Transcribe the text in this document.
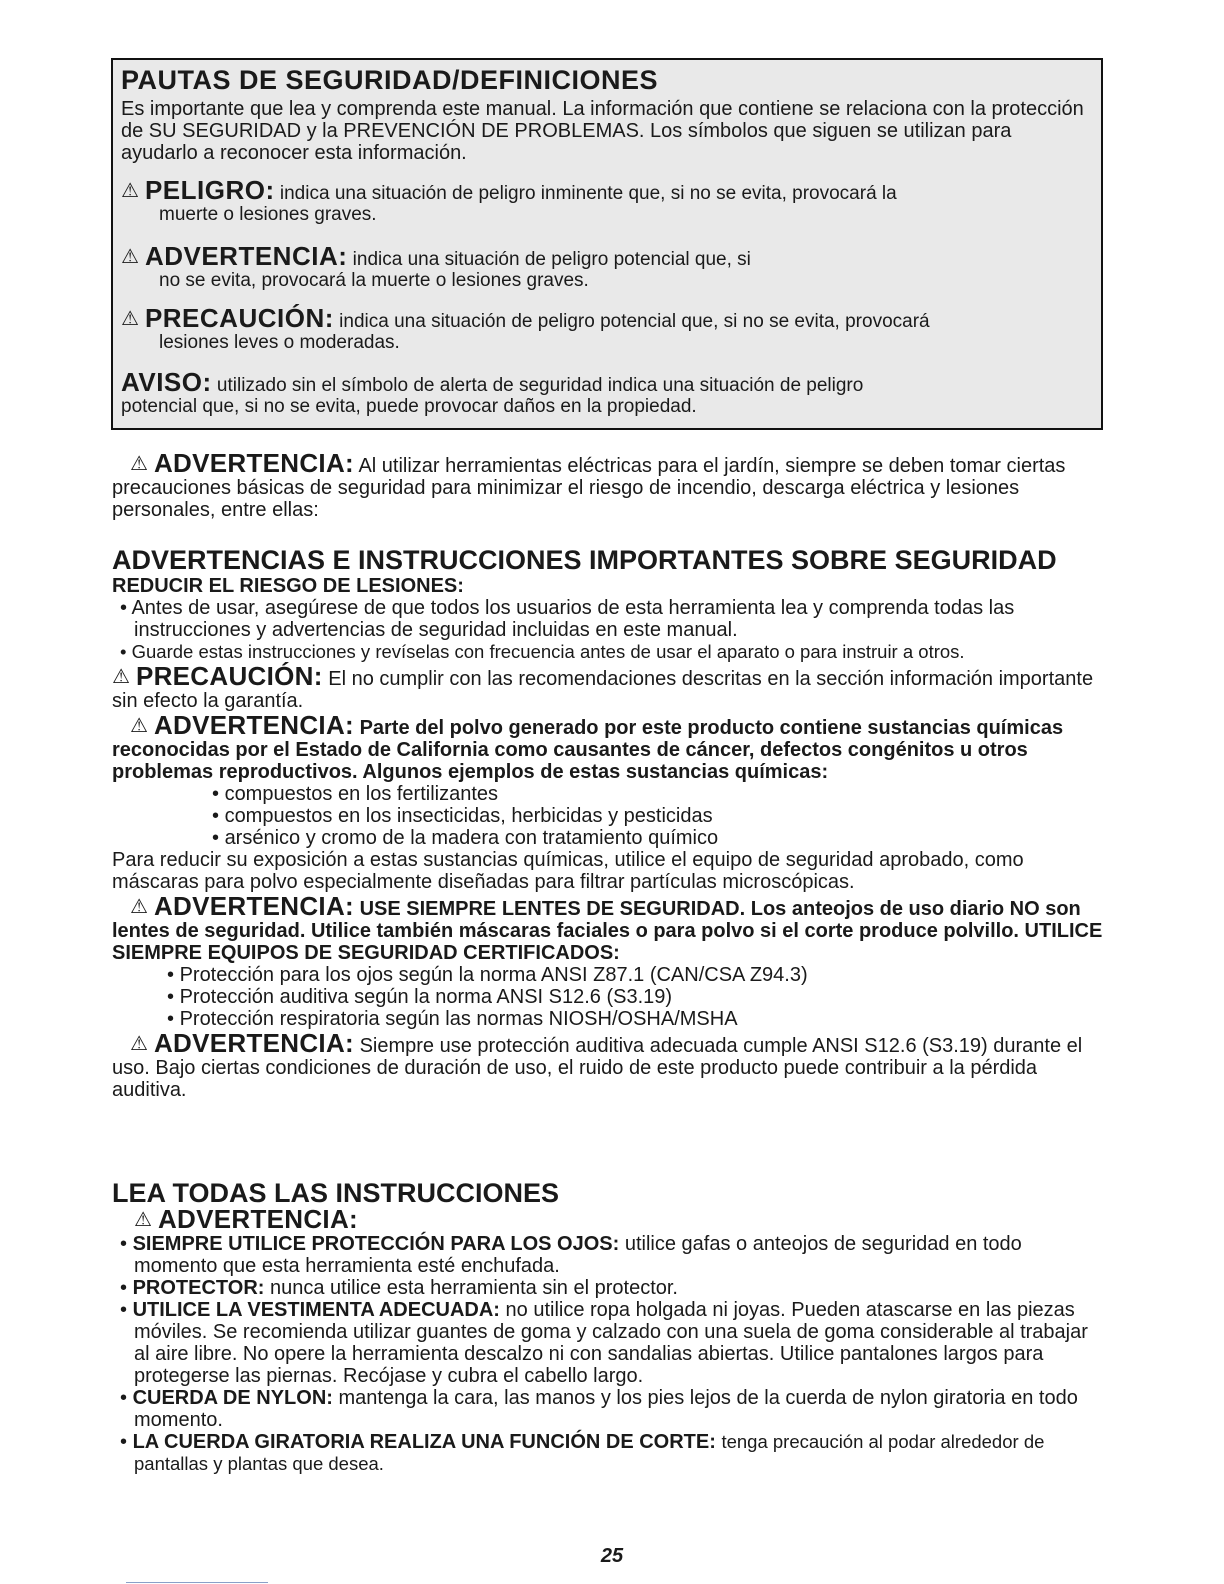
PAUTAS DE SEGURIDAD/DEFINICIONES
Es importante que lea y comprenda este manual. La información que contiene se relaciona con la protección de SU SEGURIDAD y la PREVENCIÓN DE PROBLEMAS. Los símbolos que siguen se utilizan para ayudarlo a reconocer esta información.
⚠ PELIGRO: indica una situación de peligro inminente que, si no se evita, provocará la
muerte o lesiones graves.
⚠ ADVERTENCIA: indica una situación de peligro potencial que, si
no se evita, provocará la muerte o lesiones graves.
⚠ PRECAUCIÓN: indica una situación de peligro potencial que, si no se evita, provocará
lesiones leves o moderadas.
AVISO: utilizado sin el símbolo de alerta de seguridad indica una situación de peligro
potencial que, si no se evita, puede provocar daños en la propiedad.
⚠ ADVERTENCIA: Al utilizar herramientas eléctricas para el jardín, siempre se deben tomar ciertas precauciones básicas de seguridad para minimizar el riesgo de incendio, descarga eléctrica y lesiones personales, entre ellas:
ADVERTENCIAS E INSTRUCCIONES IMPORTANTES SOBRE SEGURIDAD
REDUCIR EL RIESGO DE LESIONES:
• Antes de usar, asegúrese de que todos los usuarios de esta herramienta lea y comprenda todas las instrucciones y advertencias de seguridad incluidas en este manual.
• Guarde estas instrucciones y revíselas con frecuencia antes de usar el aparato o para instruir a otros.
⚠ PRECAUCIÓN: El no cumplir con las recomendaciones descritas en la sección información importante sin efecto la garantía.
⚠ ADVERTENCIA: Parte del polvo generado por este producto contiene sustancias químicas reconocidas por el Estado de California como causantes de cáncer, defectos congénitos u otros problemas reproductivos. Algunos ejemplos de estas sustancias químicas:
• compuestos en los fertilizantes
• compuestos en los insecticidas, herbicidas y pesticidas
• arsénico y cromo de la madera con tratamiento químico
Para reducir su exposición a estas sustancias químicas, utilice el equipo de seguridad aprobado, como máscaras para polvo especialmente diseñadas para filtrar partículas microscópicas.
⚠ ADVERTENCIA: USE SIEMPRE LENTES DE SEGURIDAD. Los anteojos de uso diario NO son lentes de seguridad. Utilice también máscaras faciales o para polvo si el corte produce polvillo. UTILICE SIEMPRE EQUIPOS DE SEGURIDAD CERTIFICADOS:
• Protección para los ojos según la norma ANSI Z87.1 (CAN/CSA Z94.3)
• Protección auditiva según la norma ANSI S12.6 (S3.19)
• Protección respiratoria según las normas NIOSH/OSHA/MSHA
⚠ ADVERTENCIA: Siempre use protección auditiva adecuada cumple ANSI S12.6 (S3.19) durante el uso. Bajo ciertas condiciones de duración de uso, el ruido de este producto puede contribuir a la pérdida auditiva.
LEA TODAS LAS INSTRUCCIONES
⚠ ADVERTENCIA:
• SIEMPRE UTILICE PROTECCIÓN PARA LOS OJOS: utilice gafas o anteojos de seguridad en todo momento que esta herramienta esté enchufada.
• PROTECTOR: nunca utilice esta herramienta sin el protector.
• UTILICE LA VESTIMENTA ADECUADA: no utilice ropa holgada ni joyas. Pueden atascarse en las piezas móviles. Se recomienda utilizar guantes de goma y calzado con una suela de goma considerable al trabajar al aire libre. No opere la herramienta descalzo ni con sandalias abiertas. Utilice pantalones largos para protegerse las piernas. Recójase y cubra el cabello largo.
• CUERDA DE NYLON: mantenga la cara, las manos y los pies lejos de la cuerda de nylon giratoria en todo momento.
• LA CUERDA GIRATORIA REALIZA UNA FUNCIÓN DE CORTE: tenga precaución al podar alrededor de pantallas y plantas que desea.
25
